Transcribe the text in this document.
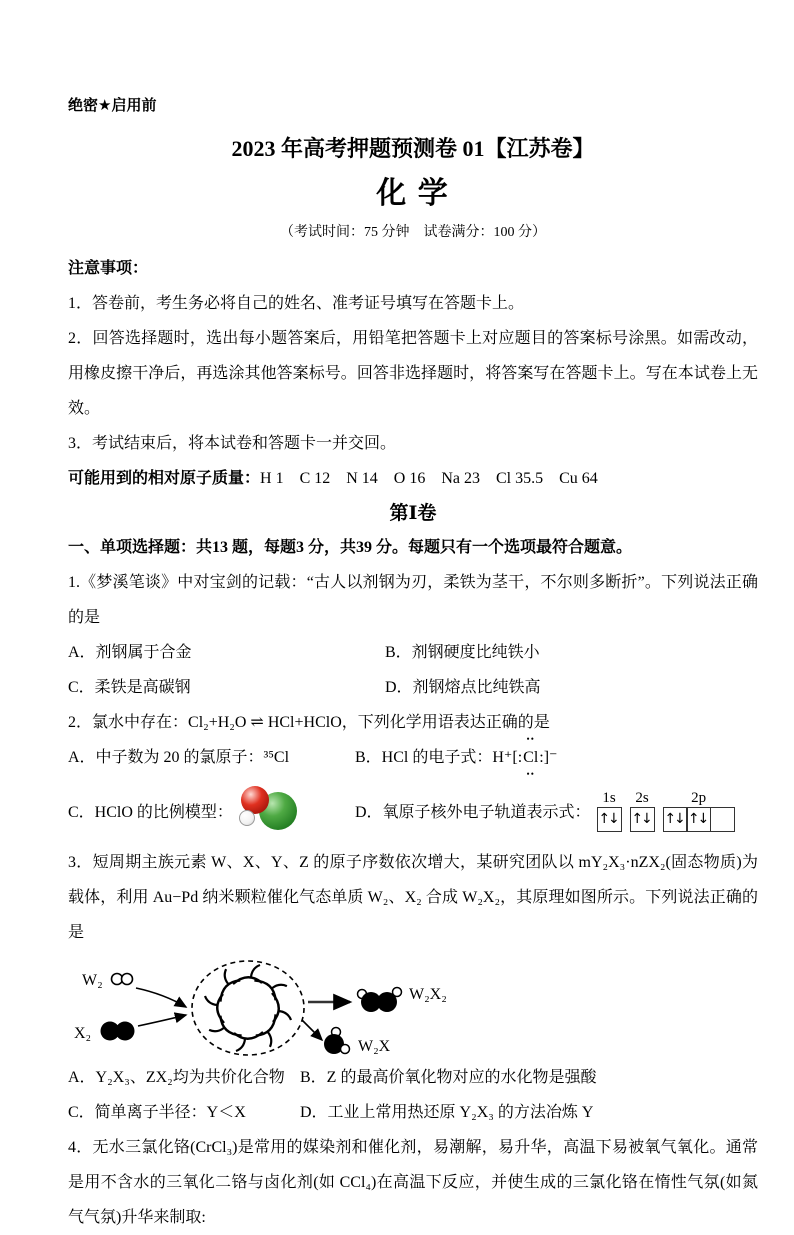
绝密★启用前
2023 年高考押题预测卷 01【江苏卷】
化 学
（考试时间：75 分钟　试卷满分：100 分）
注意事项：
1．答卷前，考生务必将自己的姓名、准考证号填写在答题卡上。
2．回答选择题时，选出每小题答案后，用铅笔把答题卡上对应题目的答案标号涂黑。如需改动，用橡皮擦干净后，再选涂其他答案标号。回答非选择题时，将答案写在答题卡上。写在本试卷上无效。
3．考试结束后，将本试卷和答题卡一并交回。
可能用到的相对原子质量：H 1　C 12　N 14　O 16　Na 23　Cl 35.5　Cu 64
第Ⅰ卷
一、单项选择题：共13 题，每题3 分，共39 分。每题只有一个选项最符合题意。
1.《梦溪笔谈》中对宝剑的记载：“古人以剂钢为刃，柔铁为茎干，不尔则多断折”。下列说法正确的是
A．剂钢属于合金	B．剂钢硬度比纯铁小
C．柔铁是高碳钢	D．剂钢熔点比纯铁高
2．氯水中存在：Cl₂+H₂O ⇌ HCl+HClO，下列化学用语表达正确的是
A．中子数为 20 的氯原子：³⁵Cl	B．HCl 的电子式：H⁺[:
••
Cl
••
:]⁻
C．HClO 的比例模型：	D．氧原子核外电子轨道表示式：
1s
↑↓
2s
↑↓
2p
↑↓ ↑↓
3．短周期主族元素 W、X、Y、Z 的原子序数依次增大，某研究团队以 mY₂X₃·nZX₂(固态物质)为载体，利用 Au−Pd 纳米颗粒催化气态单质 W₂、X₂ 合成 W₂X₂，其原理如图所示。下列说法正确的是
W₂
X₂
W₂X₂
W₂X
A．Y₂X₃、ZX₂均为共价化合物 B．Z 的最高价氧化物对应的水化物是强酸
C．简单离子半径：Y＜X	D．工业上常用热还原 Y₂X₃ 的方法冶炼 Y
4．无水三氯化铬(CrCl₃)是常用的媒染剂和催化剂，易潮解，易升华，高温下易被氧气氧化。通常是用不含水的三氧化二铬与卤化剂(如 CCl₄)在高温下反应，并使生成的三氯化铬在惰性气氛(如氮气气氛)升华来制取:
